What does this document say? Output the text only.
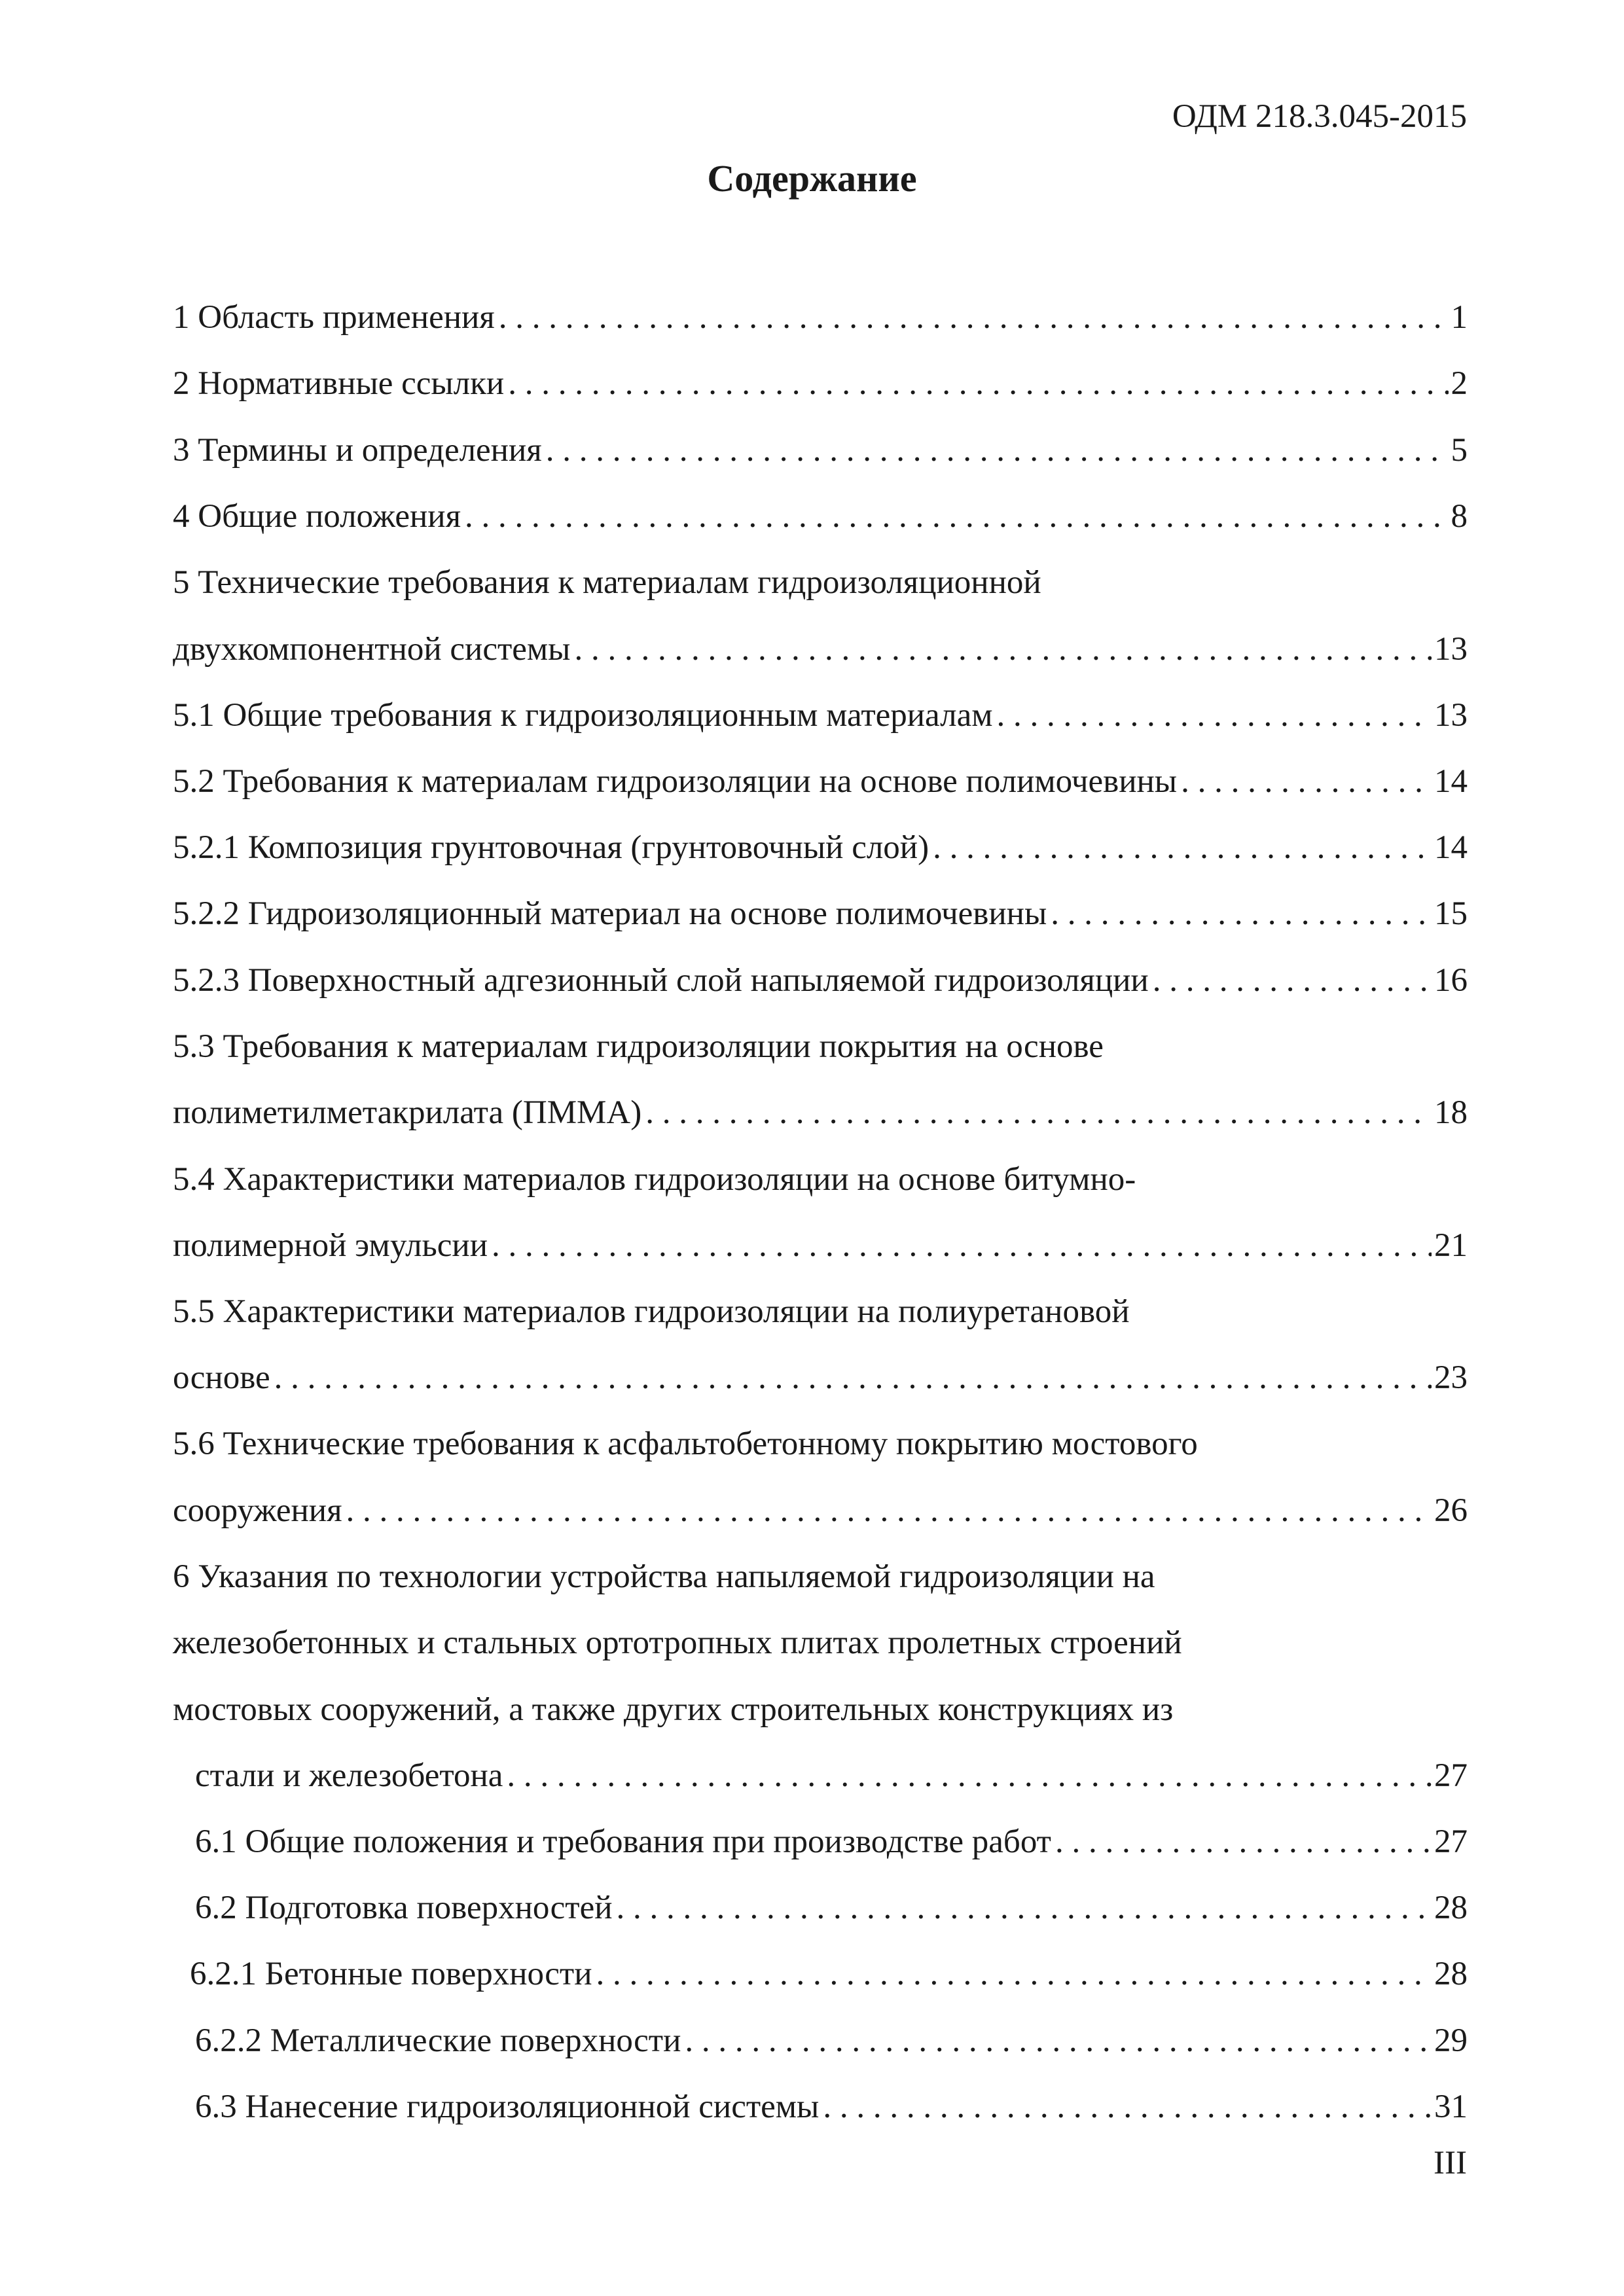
ОДМ 218.3.045-2015
Содержание
1 Область применения . . .	1
2 Нормативные ссылки . . .	2
3 Термины и определения . . .	5
4 Общие положения . . .	8
5 Технические требования к материалам гидроизоляционной
двухкомпонентной системы . . .	13
5.1 Общие требования к гидроизоляционным материалам . . .	13
5.2 Требования к материалам гидроизоляции на основе полимочевины . . .	14
5.2.1 Композиция грунтовочная (грунтовочный слой) . . .	14
5.2.2 Гидроизоляционный материал на основе полимочевины . . .	15
5.2.3 Поверхностный адгезионный слой напыляемой гидроизоляции . . .	16
5.3 Требования к материалам гидроизоляции покрытия на основе
полиметилметакрилата (ПММА) . . .	18
5.4 Характеристики материалов гидроизоляции на основе битумно-
полимерной эмульсии . . .	21
5.5 Характеристики материалов гидроизоляции на полиуретановой
основе . . .	23
5.6 Технические требования к асфальтобетонному покрытию мостового
сооружения . . .	26
6 Указания по технологии устройства напыляемой гидроизоляции на
железобетонных и стальных ортотропных плитах пролетных строений
мостовых сооружений, а также других строительных конструкциях из
стали и железобетона . . .	27
6.1 Общие положения и требования при производстве работ . . .	27
6.2 Подготовка поверхностей . . .	28
6.2.1 Бетонные поверхности . . .	28
6.2.2 Металлические поверхности . . .	29
6.3 Нанесение гидроизоляционной системы . . .	31
III
